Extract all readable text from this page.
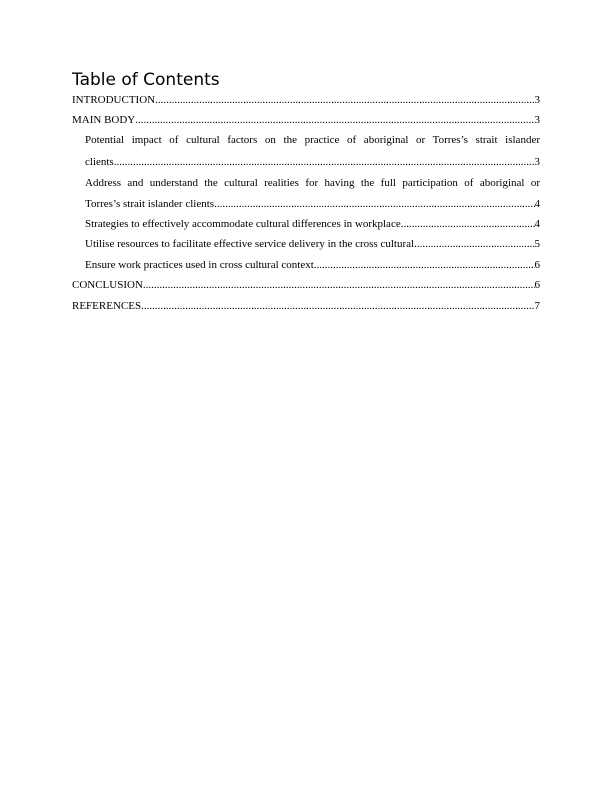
Table of Contents
INTRODUCTION .....	3
MAIN BODY .....	3
Potential impact of cultural factors on the practice of aboriginal or Torres’s strait islander
clients .....	3
Address and understand the cultural realities for having the full participation of aboriginal or
Torres’s strait islander clients .....	4
Strategies to effectively accommodate cultural differences in workplace .....	4
Utilise resources to facilitate effective service delivery in the cross cultural .....	5
Ensure work practices used in cross cultural context .....	6
CONCLUSION .....	6
REFERENCES .....	7
